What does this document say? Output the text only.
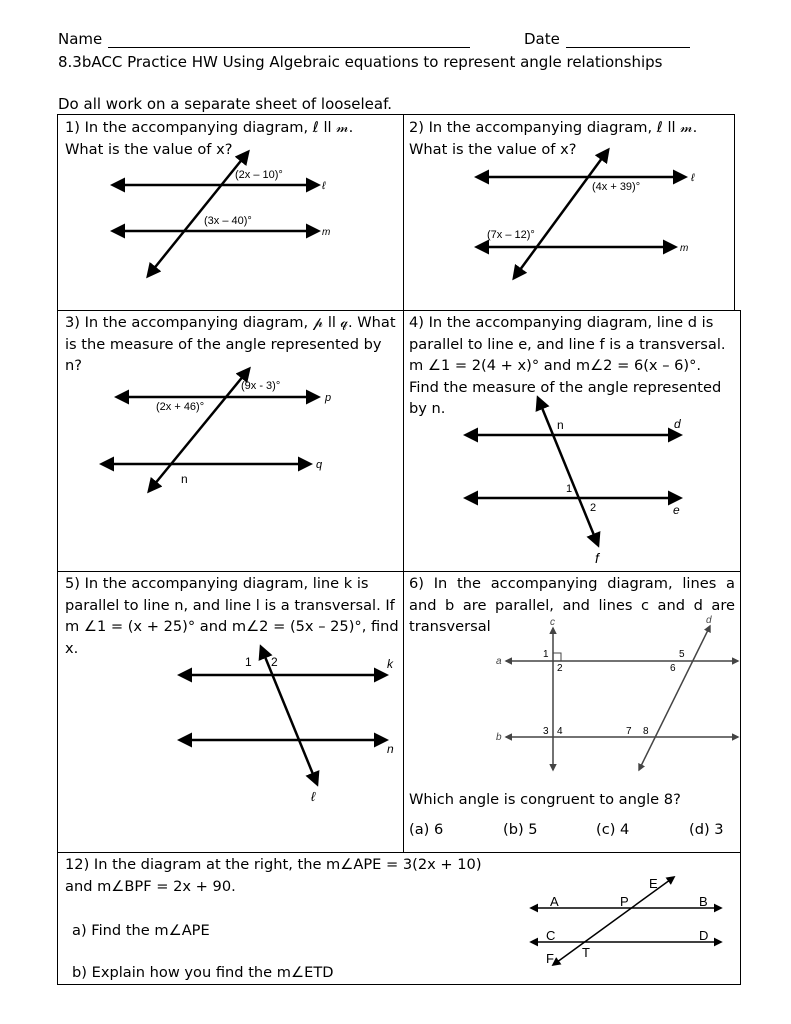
Name	Date
8.3bACC Practice HW Using Algebraic equations to represent angle relationships
Do all work on a separate sheet of looseleaf.
1) In the accompanying diagram, ℓ ll 𝓂. What is the value of x?
2) In the accompanying diagram, ℓ ll 𝓂. What is the value of x?
3) In the accompanying diagram, 𝓅 ll 𝓆. What is the measure of the angle represented by n?
4) In the accompanying diagram, line d is parallel to line e, and line f is a transversal. m ∠1 = 2(4 + x)° and m∠2 = 6(x – 6)°. Find the measure of the angle represented by n.
5) In the accompanying diagram, line k is parallel to line n, and line l is a transversal. If m ∠1 = (x + 25)° and m∠2 = (5x – 25)°, find x.
6) In the accompanying diagram, lines a and b are parallel, and lines c and d are transversal
12) In the diagram at the right, the m∠APE = 3(2x + 10) and m∠BPF = 2x + 90.
a) Find the m∠APE
b) Explain how you find the m∠ETD
Which angle is congruent to angle 8?
(a) 6	(b) 5	(c) 4	(d) 3
(2x – 10)°
(3x – 40)°
ℓ
m
(4x + 39)°
(7x – 12)°
ℓ
m
(9x - 3)°
(2x + 46)°
n
p
q
n
1
2
d
e
f
1 2	k
n
ℓ
c	d
a
b
1
2
3 4
5
6
7 8
A	B
C	D
E
F
P
T
